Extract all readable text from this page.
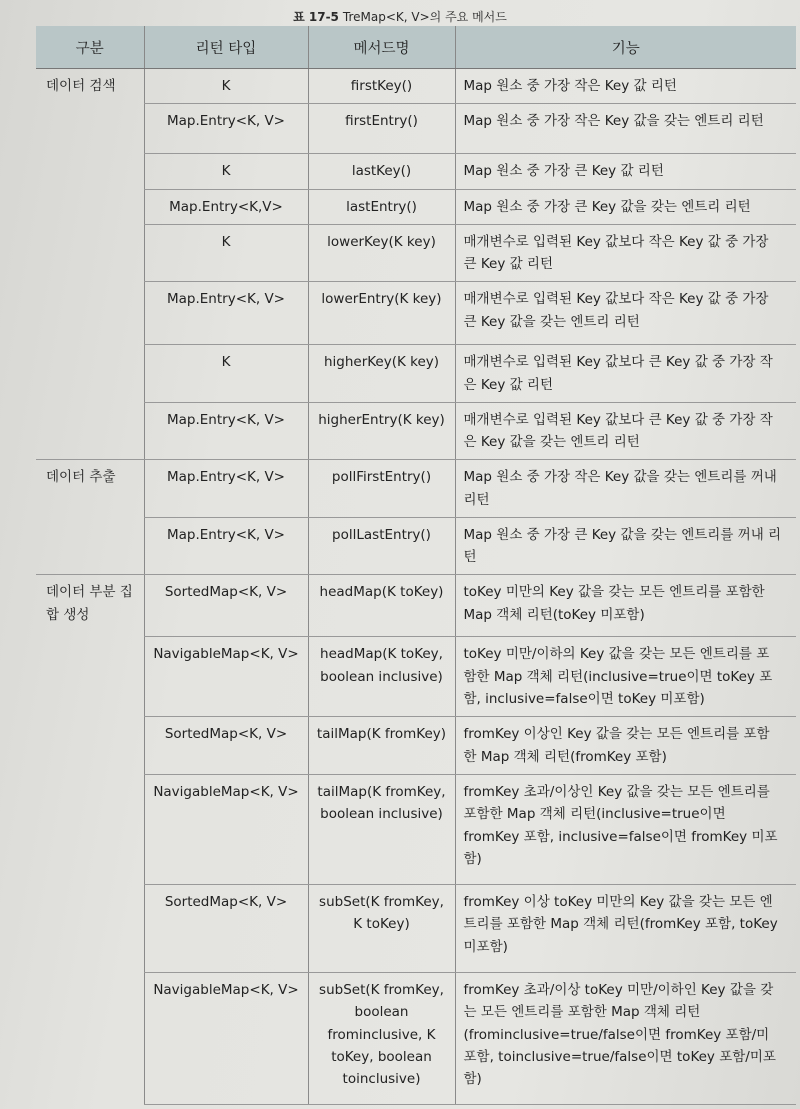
표 17-5 TreMap<K, V>의 주요 메서드
구분	리턴 타입	메서드명	기능
데이터 검색	K	firstKey()	Map 원소 중 가장 작은 Key 값 리턴
	Map.Entry<K, V>	firstEntry()	Map 원소 중 가장 작은 Key 값을 갖는 엔트리 리턴
	K	lastKey()	Map 원소 중 가장 큰 Key 값 리턴
	Map.Entry<K,V>	lastEntry()	Map 원소 중 가장 큰 Key 값을 갖는 엔트리 리턴
	K	lowerKey(K key)	매개변수로 입력된 Key 값보다 작은 Key 값 중 가장 큰 Key 값 리턴
	Map.Entry<K, V>	lowerEntry(K key)	매개변수로 입력된 Key 값보다 작은 Key 값 중 가장 큰 Key 값을 갖는 엔트리 리턴
	K	higherKey(K key)	매개변수로 입력된 Key 값보다 큰 Key 값 중 가장 작은 Key 값 리턴
	Map.Entry<K, V>	higherEntry(K key)	매개변수로 입력된 Key 값보다 큰 Key 값 중 가장 작은 Key 값을 갖는 엔트리 리턴
데이터 추출	Map.Entry<K, V>	pollFirstEntry()	Map 원소 중 가장 작은 Key 값을 갖는 엔트리를 꺼내 리턴
	Map.Entry<K, V>	pollLastEntry()	Map 원소 중 가장 큰 Key 값을 갖는 엔트리를 꺼내 리턴
데이터 부분 집합 생성	SortedMap<K, V>	headMap(K toKey)	toKey 미만의 Key 값을 갖는 모든 엔트리를 포함한 Map 객체 리턴(toKey 미포함)
	NavigableMap<K, V>	headMap(K toKey, boolean inclusive)	toKey 미만/이하의 Key 값을 갖는 모든 엔트리를 포함한 Map 객체 리턴(inclusive=true이면 toKey 포함, inclusive=false이면 toKey 미포함)
	SortedMap<K, V>	tailMap(K fromKey)	fromKey 이상인 Key 값을 갖는 모든 엔트리를 포함한 Map 객체 리턴(fromKey 포함)
	NavigableMap<K, V>	tailMap(K fromKey, boolean inclusive)	fromKey 초과/이상인 Key 값을 갖는 모든 엔트리를 포함한 Map 객체 리턴(inclusive=true이면 fromKey 포함, inclusive=false이면 fromKey 미포함)
	SortedMap<K, V>	subSet(K fromKey, K toKey)	fromKey 이상 toKey 미만의 Key 값을 갖는 모든 엔트리를 포함한 Map 객체 리턴(fromKey 포함, toKey 미포함)
	NavigableMap<K, V>	subSet(K fromKey, boolean frominclusive, K toKey, boolean toinclusive)	fromKey 초과/이상 toKey 미만/이하인 Key 값을 갖는 모든 엔트리를 포함한 Map 객체 리턴(frominclusive=true/false이면 fromKey 포함/미포함, toinclusive=true/false이면 toKey 포함/미포함)
